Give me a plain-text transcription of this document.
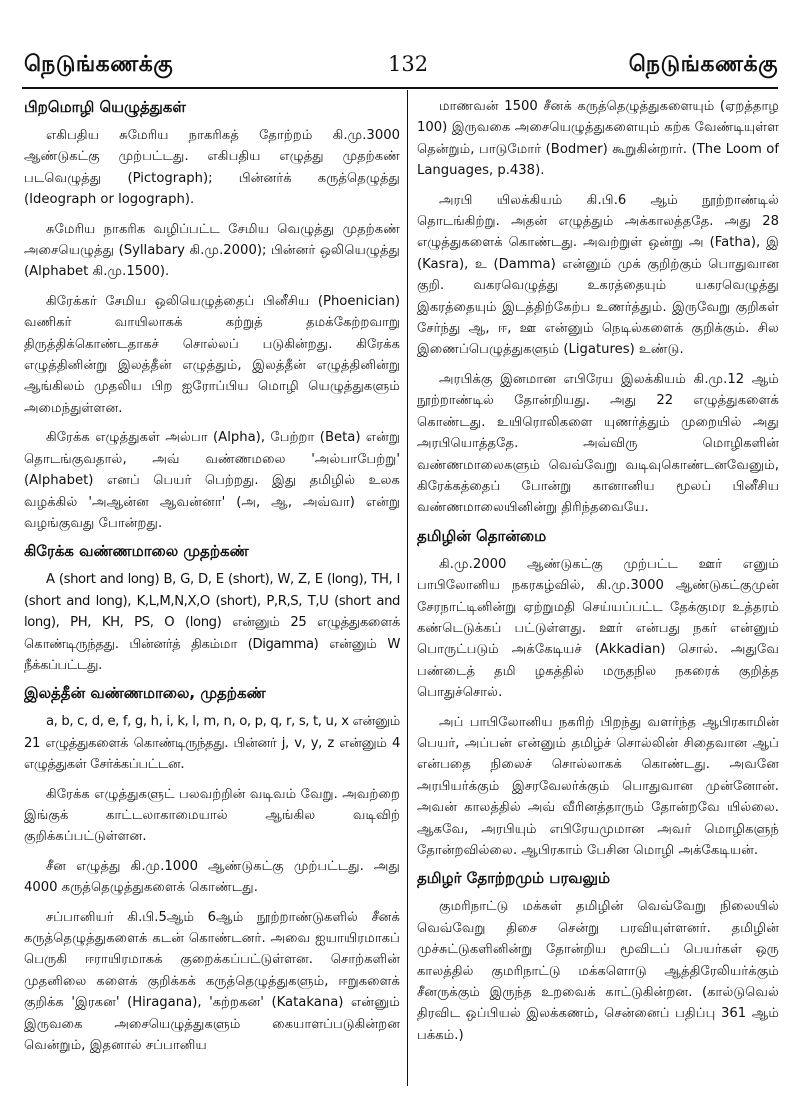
நெடுங்கணக்கு	132	நெடுங்கணக்கு
பிறமொழி யெழுத்துகள்

எகிபதிய சுமேரிய நாகரிகத் தோற்றம் கி.மு.3000 ஆண்டுகட்கு முற்பட்டது. எகிபதிய எழுத்து முதற்கண் படவெழுத்து (Pictograph); பின்னர்க் கருத்தெழுத்து (Ideograph or logograph).

சுமேரிய நாகரிக வழிப்பட்ட சேமிய வெழுத்து முதற்கண் அசையெழுத்து (Syllabary கி.மு.2000); பின்னர் ஒலியெழுத்து (Alphabet கி.மு.1500).

கிரேக்கர் சேமிய ஒலியெழுத்தைப் பினீசிய (Phoenician) வணிகர் வாயிலாகக் கற்றுத் தமக்கேற்றவாறு திருத்திக்கொண்டதாகச் சொல்லப் படுகின்றது. கிரேக்க எழுத்தினின்று இலத்தீன் எழுத்தும், இலத்தீன் எழுத்தினின்று ஆங்கிலம் முதலிய பிற ஐரோப்பிய மொழி யெழுத்துகளும் அமைந்துள்ளன.

கிரேக்க எழுத்துகள் அல்பா (Alpha), பேற்றா (Beta) என்று தொடங்குவதால், அவ் வண்ணமலை 'அல்பாபேற்று' (Alphabet) எனப் பெயர் பெற்றது. இது தமிழில் உலக வழக்கில் 'அஆன்ன ஆவன்னா' (அ, ஆ, அவ்வா) என்று வழங்குவது போன்றது.

கிரேக்க வண்ணமாலை முதற்கண்

A (short and long) B, G, D, E (short), W, Z, E (long), TH, I (short and long), K,L,M,N,X,O (short), P,R,S, T,U (short and long), PH, KH, PS, O (long) என்னும் 25 எழுத்துகளைக் கொண்டிருந்தது. பின்னர்த் திகம்மா (Digamma) என்னும் W நீக்கப்பட்டது.

இலத்தீன் வண்ணமாலை, முதற்கண்

a, b, c, d, e, f, g, h, i, k, l, m, n, o, p, q, r, s, t, u, x என்னும் 21 எழுத்துகளைக் கொண்டிருந்தது. பின்னர் j, v, y, z என்னும் 4 எழுத்துகள் சேர்க்கப்பட்டன.

கிரேக்க எழுத்துகளுட் பலவற்றின் வடிவம் வேறு. அவற்றை இங்குக் காட்டலாகாமையால் ஆங்கில வடிவிற் குறிக்கப்பட்டுள்ளன.

சீன எழுத்து கி.மு.1000 ஆண்டுகட்கு முற்பட்டது. அது 4000 கருத்தெழுத்துகளைக் கொண்டது.

சப்பானியர் கி.பி.5ஆம் 6ஆம் நூற்றாண்டுகளில் சீனக் கருத்தெழுத்துகளைக் கடன் கொண்டனர். அவை ஐயாயிரமாகப் பெருகி ஈராயிரமாகக் குறைக்கப்பட்டுள்ளன. சொற்களின் முதனிலை களைக் குறிக்கக் கருத்தெழுத்துகளும், ஈறுகளைக் குறிக்க 'இரகன' (Hiragana), 'கற்றகன' (Katakana) என்னும் இருவகை அசையெழுத்துகளும் கையாளப்படுகின்றன வென்றும், இதனால் சப்பானிய

மாணவன் 1500 சீனக் கருத்தெழுத்துகளையும் (ஏறத்தாழ 100) இருவகை அசையெழுத்துகளையும் கற்க வேண்டியுள்ள தென்றும், பாடுமோர் (Bodmer) கூறுகின்றார். (The Loom of Languages, p.438).

அரபி யிலக்கியம் கி.பி.6 ஆம் நூற்றாண்டில் தொடங்கிற்று. அதன் எழுத்தும் அக்காலத்ததே. அது 28 எழுத்துகளைக் கொண்டது. அவற்றுள் ஒன்று அ (Fatha), இ (Kasra), உ (Damma) என்னும் முக் குறிற்கும் பொதுவான குறி. வகரவெழுத்து உகரத்தையும் யகரவெழுத்து இகரத்தையும் இடத்திற்கேற்ப உணர்த்தும். இருவேறு குறிகள் சேர்ந்து ஆ, ஈ, ஊ என்னும் நெடில்களைக் குறிக்கும். சில இணைப்பெழுத்துகளும் (Ligatures) உண்டு.

அரபிக்கு இனமான எபிரேய இலக்கியம் கி.மு.12 ஆம் நூற்றாண்டில் தோன்றியது. அது 22 எழுத்துகளைக் கொண்டது. உயிரொலிகளை யுணர்த்தும் முறையில் அது அரபியொத்ததே. அவ்விரு மொழிகளின் வண்ணமாலைகளும் வெவ்வேறு வடிவுகொண்டனவேனும், கிரேக்கத்தைப் போன்று கானானிய மூலப் பினீசிய வண்ணமாலையினின்று திரிந்தவையே.

தமிழின் தொன்மை

கி.மு.2000 ஆண்டுகட்கு முற்பட்ட ஊர் எனும் பாபிலோனிய நகரகழ்வில், கி.மு.3000 ஆண்டுகட்குமுன் சேரநாட்டினின்று ஏற்றுமதி செய்யப்பட்ட தேக்குமர உத்தரம் கண்டெடுக்கப் பட்டுள்ளது. ஊர் என்பது நகர் என்னும் பொருட்படும் அக்கேடியச் (Akkadian) சொல். அதுவே பண்டைத் தமி ழகத்தில் மருதநில நகரைக் குறித்த பொதுச்சொல்.

அப் பாபிலோனிய நகரிற் பிறந்து வளர்ந்த ஆபிரகாமின் பெயர், அப்பன் என்னும் தமிழ்ச் சொல்லின் சிதைவான ஆப் என்பதை நிலைச் சொல்லாகக் கொண்டது. அவனே அரபியர்க்கும் இசரவேலர்க்கும் பொதுவான முன்னோன். அவன் காலத்தில் அவ் வீரினத்தாரும் தோன்றவே யில்லை. ஆகவே, அரபியும் எபிரேயமுமான அவர் மொழிகளுந் தோன்றவில்லை. ஆபிரகாம் பேசின மொழி அக்கேடியன்.

தமிழர் தோற்றமும் பரவலும்

குமரிநாட்டு மக்கள் தமிழின் வெவ்வேறு நிலையில் வெவ்வேறு திசை சென்று பரவியுள்ளனர். தமிழின் முச்சுட்டுகளினின்று தோன்றிய மூவிடப் பெயர்கள் ஒரு காலத்தில் குமரிநாட்டு மக்களொடு ஆத்திரேலியர்க்கும் சீனருக்கும் இருந்த உறவைக் காட்டுகின்றன. (கால்டுவெல் திரவிட ஒப்பியல் இலக்கணம், சென்னைப் பதிப்பு 361 ஆம் பக்கம்.)
